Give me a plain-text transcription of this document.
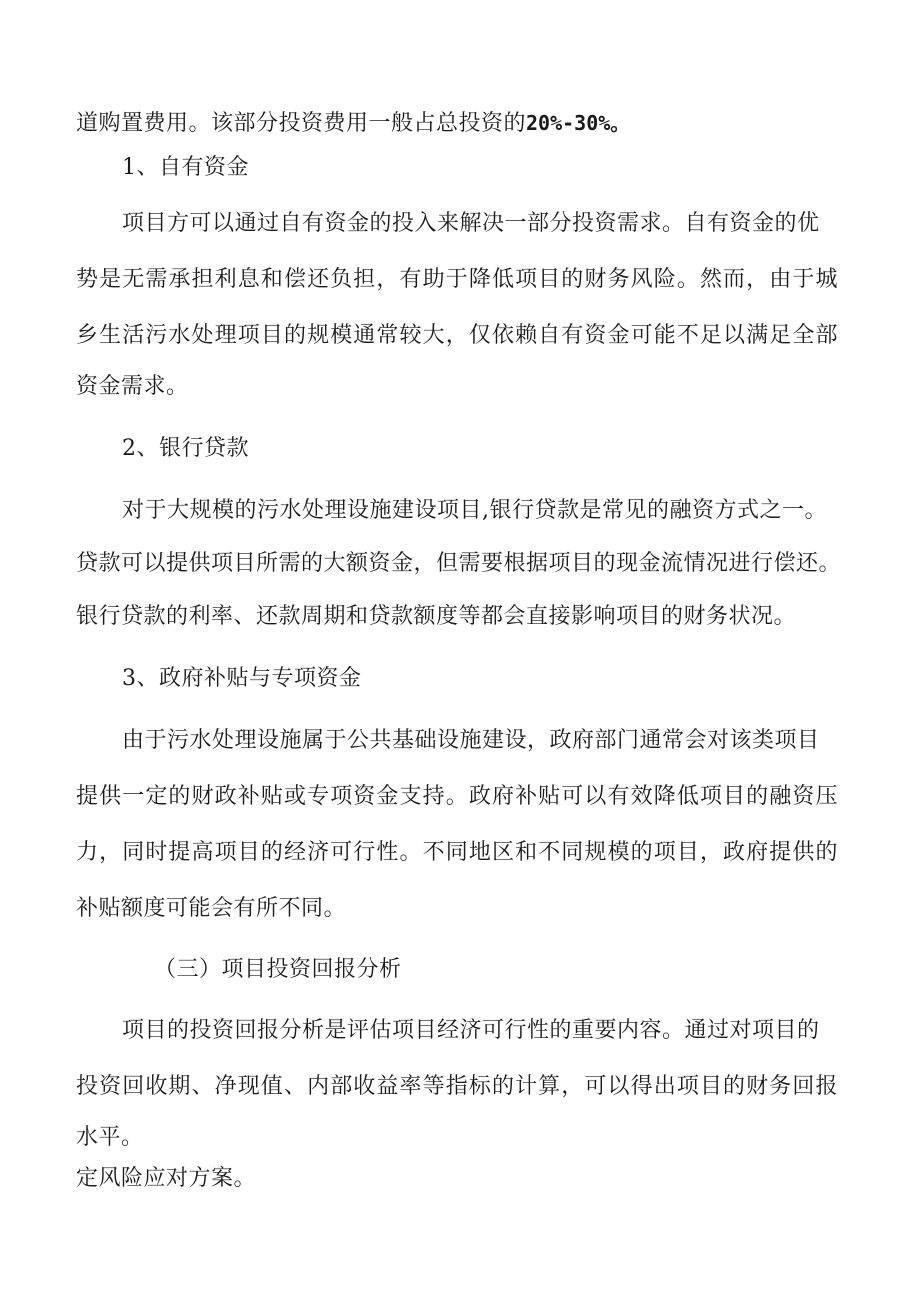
道购置费用。该部分投资费用一般占总投资的20%-30%。
1、自有资金
项目方可以通过自有资金的投入来解决一部分投资需求。自有资金的优
势是无需承担利息和偿还负担，有助于降低项目的财务风险。然而，由于城
乡生活污水处理项目的规模通常较大，仅依赖自有资金可能不足以满足全部
资金需求。
2、银行贷款
对于大规模的污水处理设施建设项目,银行贷款是常见的融资方式之一。
贷款可以提供项目所需的大额资金，但需要根据项目的现金流情况进行偿还。
银行贷款的利率、还款周期和贷款额度等都会直接影响项目的财务状况。
3、政府补贴与专项资金
由于污水处理设施属于公共基础设施建设，政府部门通常会对该类项目
提供一定的财政补贴或专项资金支持。政府补贴可以有效降低项目的融资压
力，同时提高项目的经济可行性。不同地区和不同规模的项目，政府提供的
补贴额度可能会有所不同。
（三）项目投资回报分析
项目的投资回报分析是评估项目经济可行性的重要内容。通过对项目的
投资回收期、净现值、内部收益率等指标的计算，可以得出项目的财务回报
水平。
定风险应对方案。
